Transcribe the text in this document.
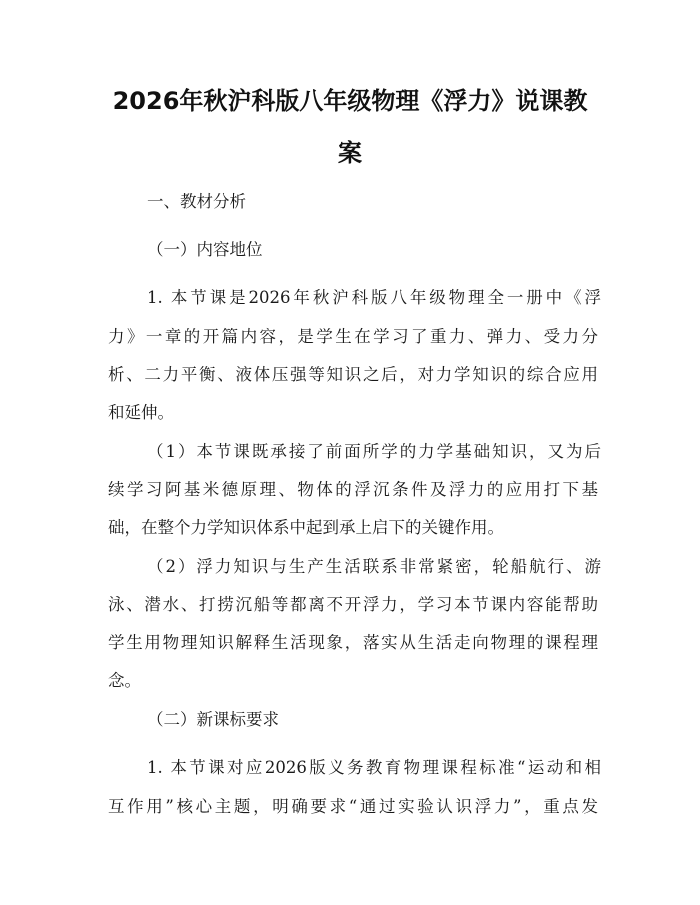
2026年秋沪科版八年级物理《浮力》说课教
案
一、教材分析
（一）内容地位
1. 本节课是2026年秋沪科版八年级物理全一册中《浮
力》一章的开篇内容，是学生在学习了重力、弹力、受力分
析、二力平衡、液体压强等知识之后，对力学知识的综合应用
和延伸。
（1）本节课既承接了前面所学的力学基础知识，又为后
续学习阿基米德原理、物体的浮沉条件及浮力的应用打下基
础，在整个力学知识体系中起到承上启下的关键作用。
（2）浮力知识与生产生活联系非常紧密，轮船航行、游
泳、潜水、打捞沉船等都离不开浮力，学习本节课内容能帮助
学生用物理知识解释生活现象，落实从生活走向物理的课程理
念。
（二）新课标要求
1. 本节课对应2026版义务教育物理课程标准“运动和相
互作用”核心主题，明确要求“通过实验认识浮力”，重点发
